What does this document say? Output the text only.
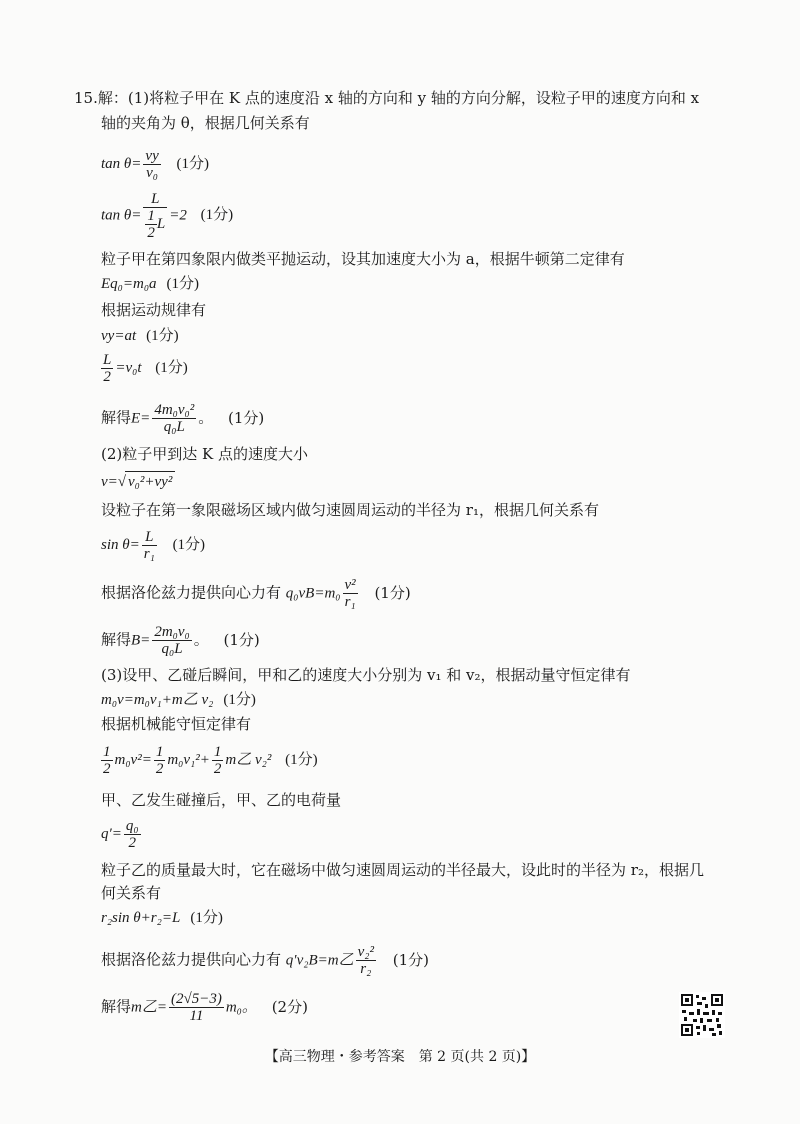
15.解：(1)将粒子甲在 K 点的速度沿 x 轴的方向和 y 轴的方向分解，设粒子甲的速度方向和 x
轴的夹角为 θ，根据几何关系有
$\tan \theta= \frac{vy}{\text{v₀}} (1$分)
$\tan \theta= \frac{L}{\frac{1}{2} L} =2$ (1分)
粒子甲在第四象限内做类平抛运动，设其加速度大小为 a，根据牛顿第二定律有
Eq₀=m₀a (1分)
根据运动规律有
vy=at (1分)
$\frac{L}{2} =v_0t$ (1分)
解得$E= \frac{\text{4m₀v₀²}}{\text{q₀L}}$ 。 (1分)
(2)粒子甲到达 K 点的速度大小
v=√ v₀²+vy²
设粒子在第一象限磁场区域内做匀速圆周运动的半径为 r₁，根据几何关系有
$\sin \theta= \frac{L}{\text{r₁}} (1$分)
根据洛伦兹力提供向心力有 $q_0vB=m_0 \frac{\text{v²}}{\text{r₁}} (1$分)
解得$B= \frac{\text{2m₀v₀}}{\text{q₀L}}$ 。 (1分)
(3)设甲、乙碰后瞬间，甲和乙的速度大小分别为 v₁ 和 v₂，根据动量守恒定律有
m₀v=m₀v₁+m乙 v₂ (1分)
根据机械能守恒定律有
$\frac{1}{2} m_0v^2= \frac{1}{2} m_0v_1^2+ \frac{1}{2}$ m乙 v₂² (1分)
甲、乙发生碰撞后，甲、乙的电荷量
$q'= \frac{\text{q₀}}{2}$
粒子乙的质量最大时，它在磁场中做匀速圆周运动的半径最大，设此时的半径为 r₂，根据几
何关系有
r₂sin θ+r₂=L (1分)
根据洛伦兹力提供向心力有 q′v₂B=m乙 $\frac{\text{v₂²}}{\text{r₂}} (1$分)
解得m乙= $\frac{(2√5-3)}{11} m_0$。 (2分)
【高三物理・参考答案　第 2 页(共 2 页)】
